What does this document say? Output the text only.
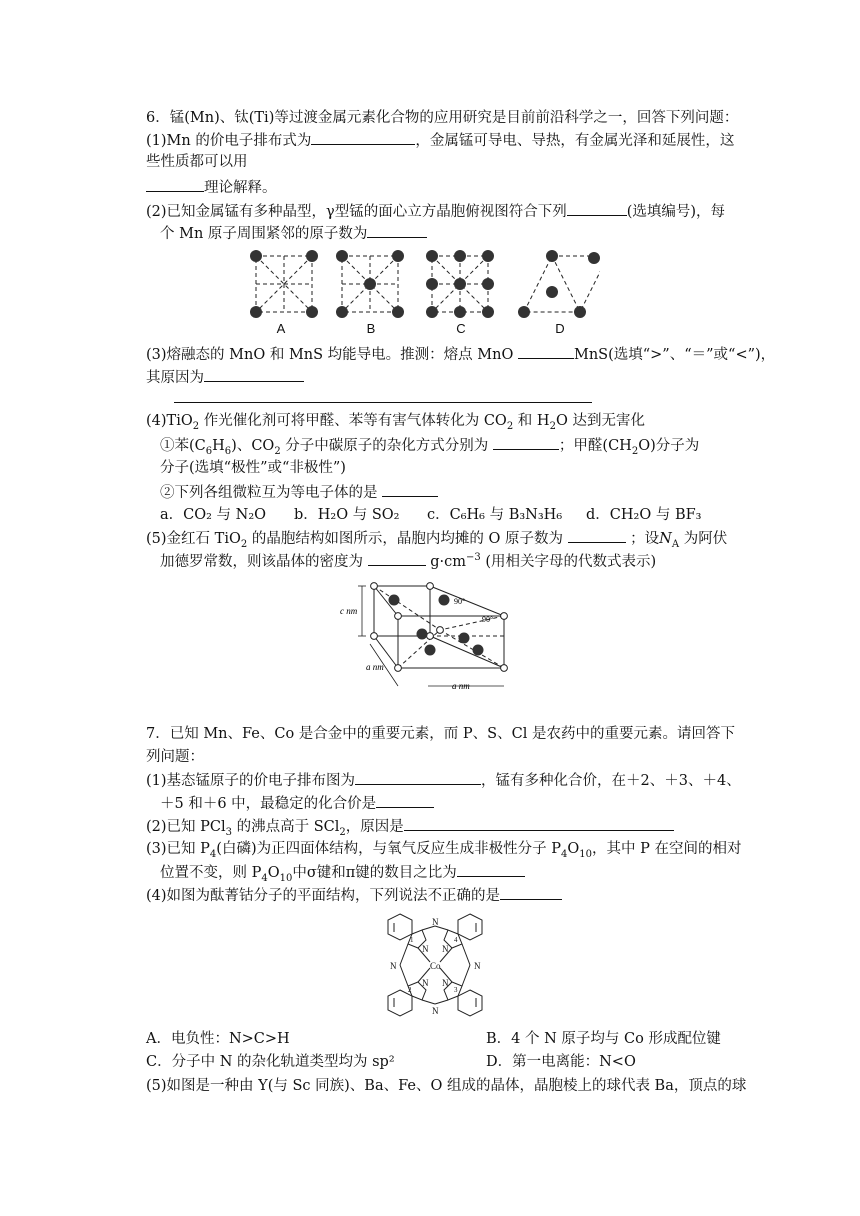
6．锰(Mn)、钛(Ti)等过渡金属元素化合物的应用研究是目前前沿科学之一，回答下列问题：
(1)Mn 的价电子排布式为	，金属锰可导电、导热，有金属光泽和延展性，这
些性质都可以用
理论解释。
(2)已知金属锰有多种晶型，γ型锰的面心立方晶胞俯视图符合下列	(选填编号)，每
个 Mn 原子周围紧邻的原子数为
A	B	C	D
(3)熔融态的 MnO 和 MnS 均能导电。推测：熔点 MnO	MnS(选填“>”、“＝”或“<”)，
其原因为
(4)TiO$_2$ 作光催化剂可将甲醛、苯等有害气体转化为 $CO_2$ 和 $H_2O$ 达到无害化
①苯$(C_6H_6)$、$CO_2$ 分子中碳原子的杂化方式分别为	；甲醛$(CH_2O)$分子为
分子(选填“极性”或“非极性”)
②下列各组微粒互为等电子体的是
a．CO₂ 与 N₂O b．H₂O 与 SO₂ c．C₆H₆ 与 B₃N₃H₆ d．CH₂O 与 BF₃
(5)金红石 TiO$_2$ 的晶胞结构如图所示，晶胞内均摊的 O 原子数为	；设$N_A$ 为阿伏
加德罗常数，则该晶体的密度为	$g\cdot cm^{-3}$ (用相关字母的代数式表示)
c nm
a nm
a nm
90°
90°
7．已知 Mn、Fe、Co 是合金中的重要元素，而 P、S、Cl 是农药中的重要元素。请回答下
列问题：
(1)基态锰原子的价电子排布图为	，锰有多种化合价，在＋2、＋3、＋4、
＋5 和＋6 中，最稳定的化合价是
(2)已知 PCl$_3$ 的沸点高于 SCl$_2$，原因是
(3)已知 $P_4$(白磷)为正四面体结构，与氧气反应生成非极性分子 $P_4O_{10}$，其中 P 在空间的相对
位置不变，则 $P_4O_{10}$中σ键和π键的数目之比为
(4)如图为酞菁钴分子的平面结构，下列说法不正确的是
Co
N
N
N	N
N N
N N
1
2	3
4
A．电负性：N>C>H	B．4 个 N 原子均与 Co 形成配位键
C．分子中 N 的杂化轨道类型均为 sp²	D．第一电离能：N<O
(5)如图是一种由 Y(与 Sc 同族)、Ba、Fe、O 组成的晶体，晶胞棱上的球代表 Ba，顶点的球
